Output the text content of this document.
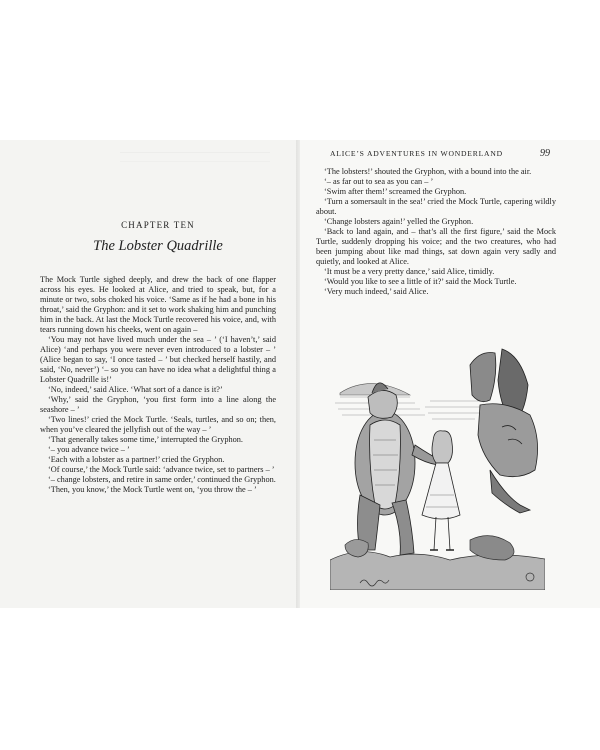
CHAPTER TEN
The Lobster Quadrille

The Mock Turtle sighed deeply, and drew the back of one flapper across his eyes. He looked at Alice, and tried to speak, but, for a minute or two, sobs choked his voice. ‘Same as if he had a bone in his throat,’ said the Gryphon: and it set to work shaking him and punching him in the back. At last the Mock Turtle recovered his voice, and, with tears running down his cheeks, went on again –

‘You may not have lived much under the sea – ’ (‘I haven’t,’ said Alice) ‘and perhaps you were never even introduced to a lobster – ’ (Alice began to say, ‘I once tasted – ’ but checked herself hastily, and said, ‘No, never’) ‘– so you can have no idea what a delightful thing a Lobster Quadrille is!’

‘No, indeed,’ said Alice. ‘What sort of a dance is it?’

‘Why,’ said the Gryphon, ‘you first form into a line along the seashore – ’

‘Two lines!’ cried the Mock Turtle. ‘Seals, turtles, and so on; then, when you’ve cleared the jellyfish out of the way – ’

‘That generally takes some time,’ interrupted the Gryphon.

‘– you advance twice – ’

‘Each with a lobster as a partner!’ cried the Gryphon.

‘Of course,’ the Mock Turtle said: ‘advance twice, set to partners – ’

‘– change lobsters, and retire in same order,’ continued the Gryphon.

‘Then, you know,’ the Mock Turtle went on, ‘you throw the – ’

ALICE’S ADVENTURES IN WONDERLAND	99

‘The lobsters!’ shouted the Gryphon, with a bound into the air.

‘– as far out to sea as you can – ’

‘Swim after them!’ screamed the Gryphon.

‘Turn a somersault in the sea!’ cried the Mock Turtle, capering wildly about.

‘Change lobsters again!’ yelled the Gryphon.

‘Back to land again, and – that’s all the first figure,’ said the Mock Turtle, suddenly dropping his voice; and the two creatures, who had been jumping about like mad things, sat down again very sadly and quietly, and looked at Alice.

‘It must be a very pretty dance,’ said Alice, timidly.

‘Would you like to see a little of it?’ said the Mock Turtle.

‘Very much indeed,’ said Alice.
